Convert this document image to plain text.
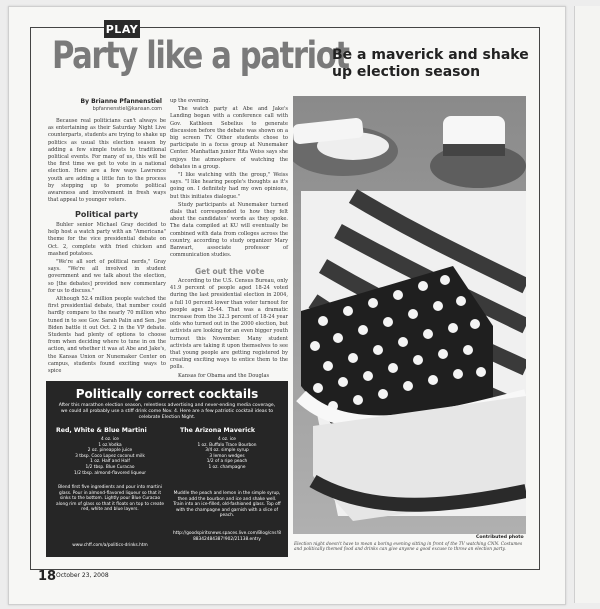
PLAY
Party like a patriot
Be a maverick and shake up election season
By Brianne Pfannenstiel
bpfannenstiel@kansan.com

Because real politicians can't always be as entertaining as their Saturday Night Live counterparts, students are trying to shake up politics as usual this election season by adding a few simple twists to traditional political events. For many of us, this will be the first time we get to vote in a national election. Here are a few ways Lawrence youth are adding a little fun to the process by stepping up to promote political awareness and involvement in fresh ways that appeal to younger voters.

Political party

Buhler senior Michael Gray decided to help host a watch party with an "Americana" theme for the vice presidential debate on Oct. 2, complete with fried chicken and mashed potatoes.

"We're all sort of political nerds," Gray says. "We're all involved in student government and we talk about the election, so [the debates] provided new commentary for us to discuss."

Although 52.4 million people watched the first presidential debate, that number could hardly compare to the nearly 70 million who tuned in to see Gov. Sarah Palin and Sen. Joe Biden battle it out Oct. 2 in the VP debate. Students had plenty of options to choose from when deciding where to tune in on the action, and whether it was at Abe and Jake's, the Kansas Union or Nunemaker Center on campus, students found exciting ways to spice

up the evening.

The watch party at Abe and Jake's Landing began with a conference call with Gov. Kathleen Sebelius to generate discussion before the debate was shown on a big screen TV. Other students chose to participate in a focus group at Nunemaker Center. Manhattan junior Rita Weiss says she enjoys the atmosphere of watching the debates in a group.

"I like watching with the group," Weiss says. "I like hearing people's thoughts as it's going on. I definitely had my own opinions, but this initiates dialogue."

Study participants at Nunemaker turned dials that corresponded to how they felt about the candidates' words as they spoke. The data compiled at KU will eventually be combined with data from colleges across the country, according to study organizer Mary Banwart, associate professor of communication studies.

Get out the vote

According to the U.S. Census Bureau, only 41.9 percent of people aged 18-24 voted during the last presidential election in 2004, a full 10 percent lower than voter turnout for people ages 25-44. That was a dramatic increase from the 32.3 percent of 18-24 year olds who turned out in the 2000 election, but activists are looking for an even bigger youth turnout this November. Many student activists are taking it upon themselves to see that young people are getting registered by creating exciting ways to entice them to the polls.

Kansas for Obama and the Douglas

Politically correct cocktails
After this marathon election season, relentless advertising and never-ending media coverage, we could all probably use a stiff drink come Nov. 4. Here are a few patriotic cocktail ideas to celebrate Election Night.
Red, White & Blue Martini
4 oz. ice
1 oz.Vodka
2 oz. pineapple juice
3 tbsp. Coco Lopez coconut milk
1 oz. Half and Half
1/2 tbsp. Blue Curacao
1/2 tbsp. almond-flavored liqueur
Blend first five ingredients and pour into martini glass. Pour in almond-flavored liqueur so that it sinks to the bottom. Lightly pour Blue Curacao along rim of glass so that it floats on top to create red, white and blue layers.
www.chff.com/a/politics-drinks.htm
The Arizona Maverick
4 oz. ice
1 oz. Buffalo Trace Bourbon
3/4 oz. simple syrup
3 lemon wedges
1/2 of a ripe peach
1 oz. champagne
Muddle the peach and lemon in the simple syrup, then add the bourbon and ice and shake well. Train into an ice-filled, old-fashioned glass. Top off with the champagne and garnish with a slice of peach.
http://goodspiritsnews.spaces.live.com/Blog/cns!888342484387!902/21138.entry	Contributed photo
Election night doesn't have to mean a boring evening sitting in front of the TV watching CNN. Costumes and politically themed food and drinks can give anyone a good excuse to throw an election party.
18 October 23, 2008
